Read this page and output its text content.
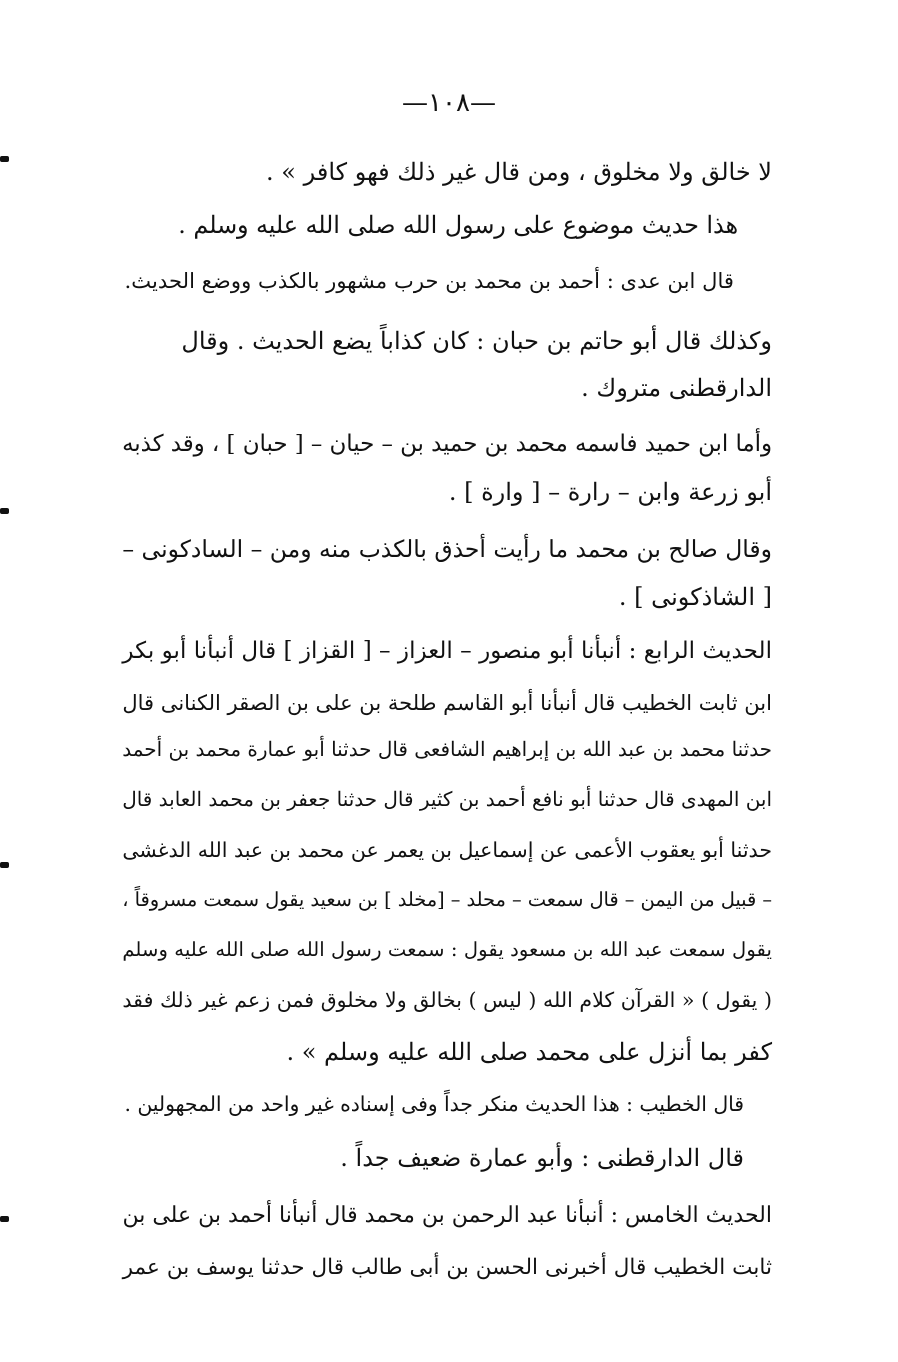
—١٠٨—
لا خالق ولا مخلوق ، ومن قال غير ذلك فهو كافر » .
هذا حديث موضوع على رسول الله صلى الله عليه وسلم .
قال ابن عدى : أحمد بن محمد بن حرب مشهور بالكذب ووضع الحديث.
وكذلك قال أبو حاتم بن حبان : كان كذاباً يضع الحديث . وقال
الدارقطنى متروك .
وأما ابن حميد فاسمه محمد بن حميد بن – حيان – [ حبان ] ، وقد كذبه
أبو زرعة وابن – رارة – [ وارة ] .
وقال صالح بن محمد ما رأيت أحذق بالكذب منه ومن – السادكونى –
[ الشاذكونى ] .
الحديث الرابع : أنبأنا أبو منصور – العزاز – [ القزاز ] قال أنبأنا أبو بكر
ابن ثابت الخطيب قال أنبأنا أبو القاسم طلحة بن على بن الصقر الكنانى قال
حدثنا محمد بن عبد الله بن إبراهيم الشافعى قال حدثنا أبو عمارة محمد بن أحمد
ابن المهدى قال حدثنا أبو نافع أحمد بن كثير قال حدثنا جعفر بن محمد العابد قال
حدثنا أبو يعقوب الأعمى عن إسماعيل بن يعمر عن محمد بن عبد الله الدغشى
– قبيل من اليمن – قال سمعت – محلد – [مخلد ] بن سعيد يقول سمعت مسروقاً ،
يقول سمعت عبد الله بن مسعود يقول : سمعت رسول الله صلى الله عليه وسلم
( يقول ) « القرآن كلام الله ( ليس ) بخالق ولا مخلوق فمن زعم غير ذلك فقد
كفر بما أنزل على محمد صلى الله عليه وسلم » .
قال الخطيب : هذا الحديث منكر جداً وفى إسناده غير واحد من المجهولين .
قال الدارقطنى : وأبو عمارة ضعيف جداً .
الحديث الخامس : أنبأنا عبد الرحمن بن محمد قال أنبأنا أحمد بن على بن
ثابت الخطيب قال أخبرنى الحسن بن أبى طالب قال حدثنا يوسف بن عمر
